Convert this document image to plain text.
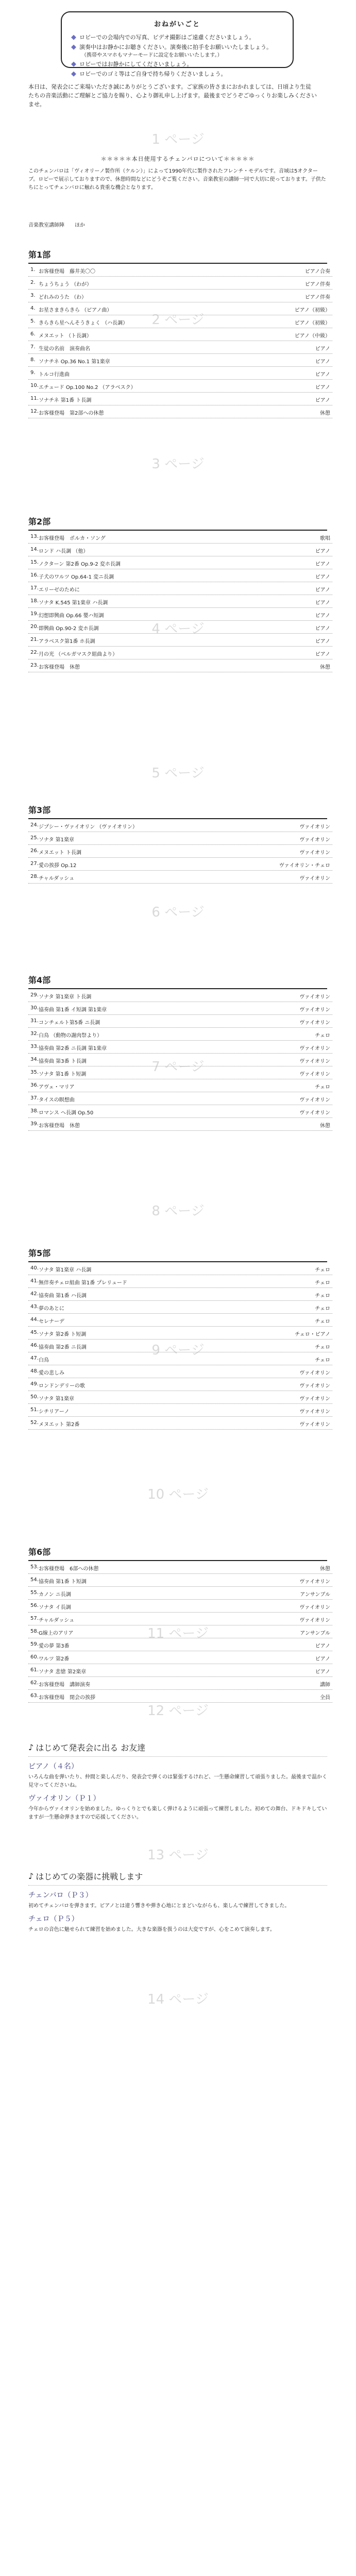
おねがいごと
◆ ロビーでの会場内での写真、ビデオ撮影はご遠慮くださいましょう。
◆ 演奏中はお静かにお聴きください。演奏後に拍手をお願いいたしましょう。
（携帯やスマホもマナーモードに設定をお願いいたします。）
◆ ロビーではお静かにしてくださいましょう。
◆ ロビーでのゴミ等はご自身で持ち帰りくださいましょう。
本日は、発表会にご来場いただき誠にありがとうございます。ご家族の皆さまにおかれましては、日頃より生徒たちの音楽活動にご理解とご協力を賜り、心より御礼申し上げます。最後までどうぞごゆっくりお楽しみくださいませ。
1 ページ
＊＊＊＊＊本日使用するチェンバロについて＊＊＊＊＊
このチェンバロは「ヴィオリーノ製作所（ケルン）」によって1990年代に製作されたフレンチ・モデルです。音域は5オクターブ。ロビーで展示しておりますので、休憩時間などにどうぞご覧ください。音楽教室の講師一同で大切に使っております。子供たちにとってチェンバロに触れる貴重な機会となります。
音楽教室講師陣　　ほか
第1部
1. お客様登場　藤井美〇〇　　　　　　　　　　	ピアノ合奏
2. ちょうちょう （わが）	ピアノ伴奏
3. どれみのうた （わ）	ピアノ伴奏
4. お星さまきらきら （ピアノ曲）	ピアノ（初級）
5. きらきら星へんそうきょく （ハ長調）	ピアノ（初級）
6. メヌエット （ト長調）	ピアノ（中級）
7. 生徒の名前　演奏曲名	ピアノ
8. ソナチネ Op.36 No.1 第1楽章	ピアノ
9. トルコ行進曲	ピアノ
10. エチュード Op.100 No.2 （アラベスク）	ピアノ
11. ソナチネ 第1番 ト長調	ピアノ
12. お客様登場　第2部への休憩	休憩
2 ページ
3 ページ
第2部
13. お客様登場　ポルカ・ソング	歌唱
14. ロンド ハ長調 （他）	ピアノ
15. ノクターン 第2番 Op.9-2 変ホ長調	ピアノ
16. 子犬のワルツ Op.64-1 変ニ長調	ピアノ
17. エリーゼのために	ピアノ
18. ソナタ K.545 第1楽章 ハ長調	ピアノ
19. 幻想即興曲 Op.66 嬰ハ短調	ピアノ
20. 即興曲 Op.90-2 変ホ長調	ピアノ
21. アラベスク第1番 ホ長調	ピアノ
22. 月の光 （ベルガマスク組曲より）	ピアノ
23. お客様登場　休憩	休憩
4 ページ
5 ページ
第3部
24. ジプシー・ヴァイオリン （ヴァイオリン）	ヴァイオリン
25. ソナタ 第1楽章	ヴァイオリン
26. メヌエット ト長調	ヴァイオリン
27. 愛の挨拶 Op.12	ヴァイオリン・チェロ
28. チャルダッシュ	ヴァイオリン
6 ページ
第4部
29. ソナタ 第1楽章 ト長調	ヴァイオリン
30. 協奏曲 第1番 イ短調 第1楽章	ヴァイオリン
31. コンチェルト第5番 ニ長調	ヴァイオリン
32. 白鳥 （動物の謝肉祭より）	チェロ
33. 協奏曲 第2番 ニ長調 第1楽章	ヴァイオリン
34. 協奏曲 第3番 ト長調	ヴァイオリン
35. ソナタ 第1番 ト短調	ヴァイオリン
36. アヴェ・マリア	チェロ
37. タイスの瞑想曲	ヴァイオリン
38. ロマンス ヘ長調 Op.50	ヴァイオリン
39. お客様登場　休憩	休憩
7 ページ
8 ページ
第5部
40. ソナタ 第1楽章 ハ長調	チェロ
41. 無伴奏チェロ組曲 第1番 プレリュード	チェロ
42. 協奏曲 第1番 ハ長調	チェロ
43. 夢のあとに	チェロ
44. セレナーデ	チェロ
45. ソナタ 第2番 ト短調	チェロ・ピアノ
46. 協奏曲 第2番 ニ長調	チェロ
47. 白鳥	チェロ
48. 愛の悲しみ	ヴァイオリン
49. ロンドンデリーの歌	ヴァイオリン
50. ソナタ 第1楽章	ヴァイオリン
51. シチリアーノ	ヴァイオリン
52. メヌエット 第2番	ヴァイオリン
9 ページ
10 ページ
第6部
53. お客様登場　6部への休憩	休憩
54. 協奏曲 第1番 ト短調	ヴァイオリン
55. カノン ニ長調	アンサンブル
56. ソナタ イ長調	ヴァイオリン
57. チャルダッシュ	ヴァイオリン
58. G線上のアリア	アンサンブル
59. 愛の夢 第3番	ピアノ
60. ワルツ 第2番	ピアノ
61. ソナタ 悲愴 第2楽章	ピアノ
62. お客様登場　講師演奏	講師
63. お客様登場　閉会の挨拶	全員
11 ページ
12 ページ
♪ はじめて発表会に出る お友達
ピアノ（４名）
いろんな曲を弾いたり、仲間と楽しんだり、発表会で弾くのは緊張するけれど、一生懸命練習して頑張りました。最後まで温かく見守ってくださいね。
ヴァイオリン（Ｐ１）
今年からヴァイオリンを始めました。ゆっくりとでも楽しく弾けるように頑張って練習しました。初めての舞台、ドキドキしていますが一生懸命弾きますので応援してください。
13 ページ
♪ はじめての楽器に挑戦します
チェンバロ（Ｐ３）
初めてチェンバロを弾きます。ピアノとは違う響きや弾き心地にとまどいながらも、楽しんで練習してきました。
チェロ（Ｐ５）
チェロの音色に魅せられて練習を始めました。大きな楽器を扱うのは大変ですが、心をこめて演奏します。
14 ページ
